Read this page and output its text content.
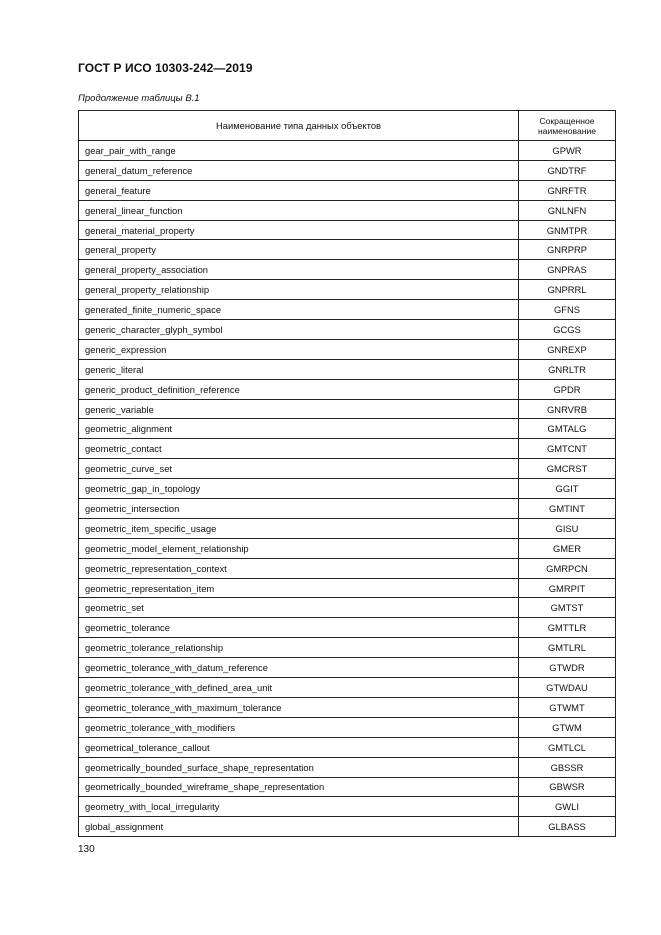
ГОСТ Р ИСО 10303-242—2019
Продолжение таблицы В.1
Наименование типа данных объектов	Сокращенное
наименование
gear_pair_with_range	GPWR
general_datum_reference	GNDTRF
general_feature	GNRFTR
general_linear_function	GNLNFN
general_material_property	GNMTPR
general_property	GNRPRP
general_property_association	GNPRAS
general_property_relationship	GNPRRL
generated_finite_numeric_space	GFNS
generic_character_glyph_symbol	GCGS
generic_expression	GNREXP
generic_literal	GNRLTR
generic_product_definition_reference	GPDR
generic_variable	GNRVRB
geometric_alignment	GMTALG
geometric_contact	GMTCNT
geometric_curve_set	GMCRST
geometric_gap_in_topology	GGIT
geometric_intersection	GMTINT
geometric_item_specific_usage	GISU
geometric_model_element_relationship	GMER
geometric_representation_context	GMRPCN
geometric_representation_item	GMRPIT
geometric_set	GMTST
geometric_tolerance	GMTTLR
geometric_tolerance_relationship	GMTLRL
geometric_tolerance_with_datum_reference	GTWDR
geometric_tolerance_with_defined_area_unit	GTWDAU
geometric_tolerance_with_maximum_tolerance	GTWMT
geometric_tolerance_with_modifiers	GTWM
geometrical_tolerance_callout	GMTLCL
geometrically_bounded_surface_shape_representation	GBSSR
geometrically_bounded_wireframe_shape_representation	GBWSR
geometry_with_local_irregularity	GWLI
global_assignment	GLBASS
130
